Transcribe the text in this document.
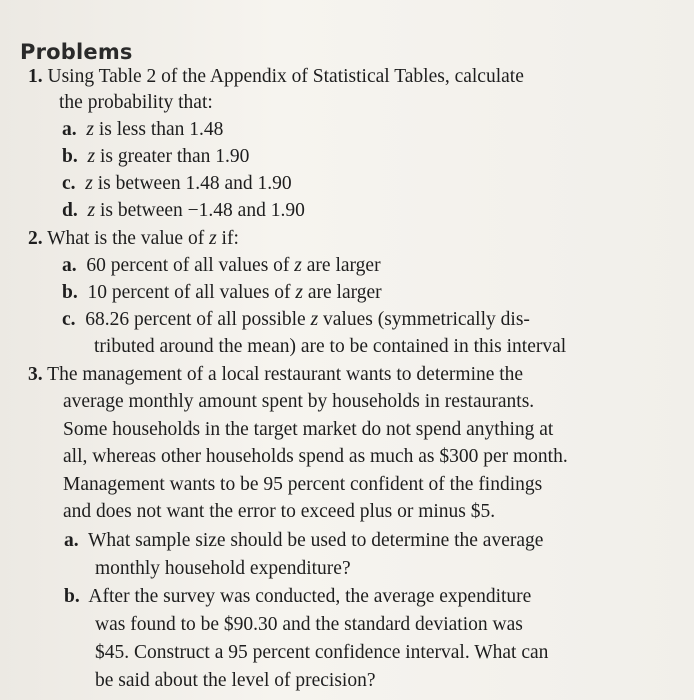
Problems
1. Using Table 2 of the Appendix of Statistical Tables, calculate
the probability that:
a. z is less than 1.48
b. z is greater than 1.90
c. z is between 1.48 and 1.90
d. z is between −1.48 and 1.90
2. What is the value of z if:
a. 60 percent of all values of z are larger
b. 10 percent of all values of z are larger
c. 68.26 percent of all possible z values (symmetrically dis-
tributed around the mean) are to be contained in this interval
3. The management of a local restaurant wants to determine the
average monthly amount spent by households in restaurants.
Some households in the target market do not spend anything at
all, whereas other households spend as much as $300 per month.
Management wants to be 95 percent confident of the findings
and does not want the error to exceed plus or minus $5.
a. What sample size should be used to determine the average
monthly household expenditure?
b. After the survey was conducted, the average expenditure
was found to be $90.30 and the standard deviation was
$45. Construct a 95 percent confidence interval. What can
be said about the level of precision?
